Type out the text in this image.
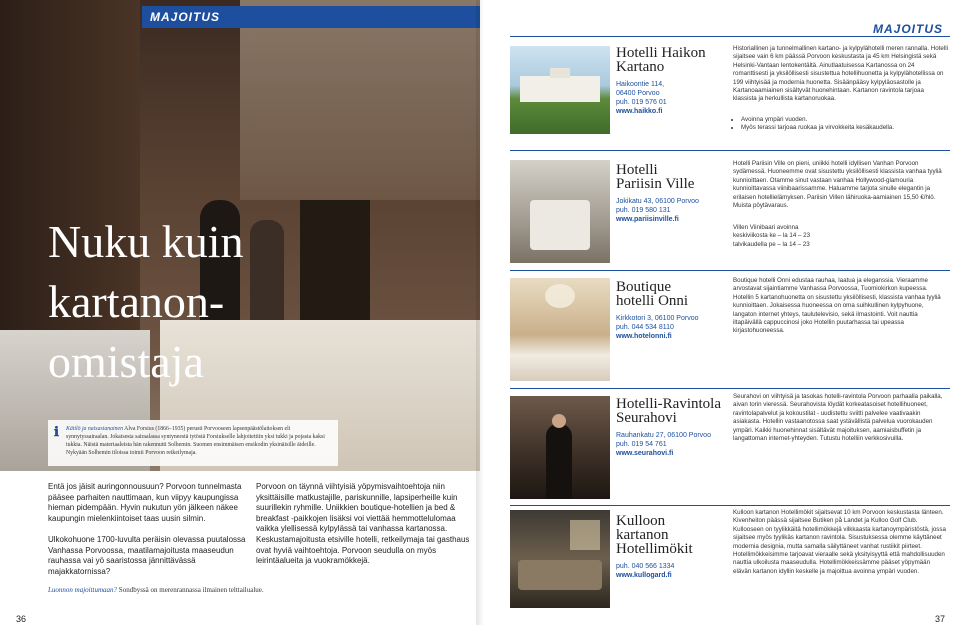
MAJOITUS
Nuku kuin
kartanon-
omistaja
ℹ Kätilö ja naisasianainen Alva Forsius (1866–1935) perusti Porvooseen lapsenpäästölaitoksen eli synnytyssairaalan. Jokaisesta sairaalassa syntyneestä tytöstä Forsiukselle lahjoitettiin yksi tukki ja pojasta kaksi tukkia. Näistä materiaaleista hän rakennutti Solhemin. Suomen ensimmäisen ensikodin yksinäisille äideille. Nykyään Solhemin tiloissa toimii Porvoon retkeilymaja.
Entä jos jäisit auringonnousuun? Porvoon tunnelmasta pääsee parhaiten nauttimaan, kun viipyy kaupungissa hieman pidempään. Hyvin nukutun yön jälkeen näkee kaupungin mielenkiintoiset taas uusin silmin.

Ulkokohuone 1700-luvulta peräisin olevassa puutalossa Vanhassa Porvoossa, maatilamajoitusta maaseudun rauhassa vai yö saaristossa jännittävässä majakkatornissa?
Porvoon on täynnä viihtyisiä yöpymisvaihtoehtoja niin yksittäisille matkustajille, pariskunnille, lapsiperheille kuin suurillekin ryhmille. Uniikkien boutique-hotellien ja bed & breakfast -paikkojen lisäksi voi viettää hemmottelulomaa vaikka ylellisessä kylpylässä tai vanhassa kartanossa. Keskustamajoitusta etsiville hotelli, retkeilymaja tai gasthaus ovat hyviä vaihtoehtoja. Porvoon seudulla on myös leirintäalueita ja vuokramökkejä.
Luonnon majoittumaan? Sondbyssä on merenrannassa ilmainen telttailualue.
36
MAJOITUS
Hotelli Haikon
Kartano
Haikoontie 114,
06400 Porvoo
puh. 019 576 01
www.haikko.fi
Historiallinen ja tunnelmallinen kartano- ja kylpylähotelli meren rannalla. Hotelli sijaitsee vain 6 km päässä Porvoon keskustasta ja 45 km Helsingistä sekä Helsinki-Vantaan lentokentältä. Ainutlaatuisessa Kartanossa on 24 romanttisesti ja yksilöllisesti sisustettua hotellihuonetta ja kylpylähotellissa on 199 viihtyisää ja modernia huonetta. Sisäänpääsy kylpyläosastolle ja Kartanoaamiainen sisältyvät huonehintaan. Kartanon ravintola tarjoaa klassista ja herkullista kartanoruokaa.
• Avoinna ympäri vuoden.
• Myös terassi tarjoaa ruokaa ja virvokkeita kesäkaudella.
Hotelli
Pariisin Ville
Jokikatu 43, 06100 Porvoo
puh. 019 580 131
www.pariisinville.fi
Hotelli Pariisin Ville on pieni, uniikki hotelli idyllisen Vanhan Porvoon sydämessä. Huoneemme ovat sisustettu yksilöllisesti klassista vanhaa tyyliä kunnioittaen. Otamme sinut vastaan vanhaa Hollywood-glamouria kunnioittavassa viinibaarissamme. Haluamme tarjota sinulle elegantin ja erilaisen hotellielämyksen. Pariisin Villen lähiruoka-aamiainen 15,50 €/hlö. Muista pöytävaraus.
Villen Viinibaari avoinna
keskiviikosta ke – la 14 – 23
talvikaudella pe – la 14 – 23
Boutique
hotelli Onni
Kirkkotori 3, 06100 Porvoo
puh. 044 534 8110
www.hotelonni.fi
Boutique hotelli Onni edustaa rauhaa, laatua ja eleganssia. Vieraamme arvostavat sijaintiamme Vanhassa Porvoossa, Tuomiokirkon kupeessa. Hotellin 5 kartanohuonetta on sisustettu yksilöllisesti, klassista vanhaa tyyliä kunnioittaen. Jokaisessa huoneessa on oma suihkullinen kylpyhuone, langaton internet yhteys, taulutelevisio, sekä ilmastointi. Voit nauttia iltapäivällä cappuccinosi joko Hotellin puutarhassa tai upeassa kirjastohuoneessa.
Hotelli-Ravintola
Seurahovi
Rauhankatu 27, 06100 Porvoo
puh. 019 54 761
www.seurahovi.fi
Seurahovi on viihtyisä ja tasokas hotelli-ravintola Porvoon parhaalla paikalla, aivan torin vieressä. Seurahovista löydät korkeatasoiset hotellihuoneet, ravintolapalvelut ja kokoustilat - uudistettu sviitti palvelee vaativaakin asiakasta. Hotellin vastaanotossa saat ystävällistä palvelua vuorokauden ympäri. Kaikki huonehinnat sisältävät majoituksen, aamiaisbuffetin ja langattoman internet-yhteyden. Tutustu hotelliin verkkosivuilla.
Kulloon
kartanon
Hotellimökit
puh. 040 566 1334
www.kullogard.fi
Kulloon kartanon Hotellimökit sijaitsevat 10 km Porvoon keskustasta länteen. Kivenheiton päässä sijaitsee Butiken på Landet ja Kulloo Golf Club. Kullooseen on tyylikkäitä hotellimökkejä vilkkaasta kartanoympäristöstä, jossa sijaitsee myös tyylikäs kartanon ravintola. Sisustuksessa olemme käyttäneet modernia designia, mutta samalla säilyttäneet vanhat rustiikit piirteet. Hotellimökkeisimme tarjoavat vieraalle sekä yksityisyyttä että mahdollisuuden nauttia ulkoilusta maaseudulla. Hotellimökkeissämme pääset yöpymään elävän kartanon idyllin keskelle ja majoittua avoinna ympäri vuoden.
37
